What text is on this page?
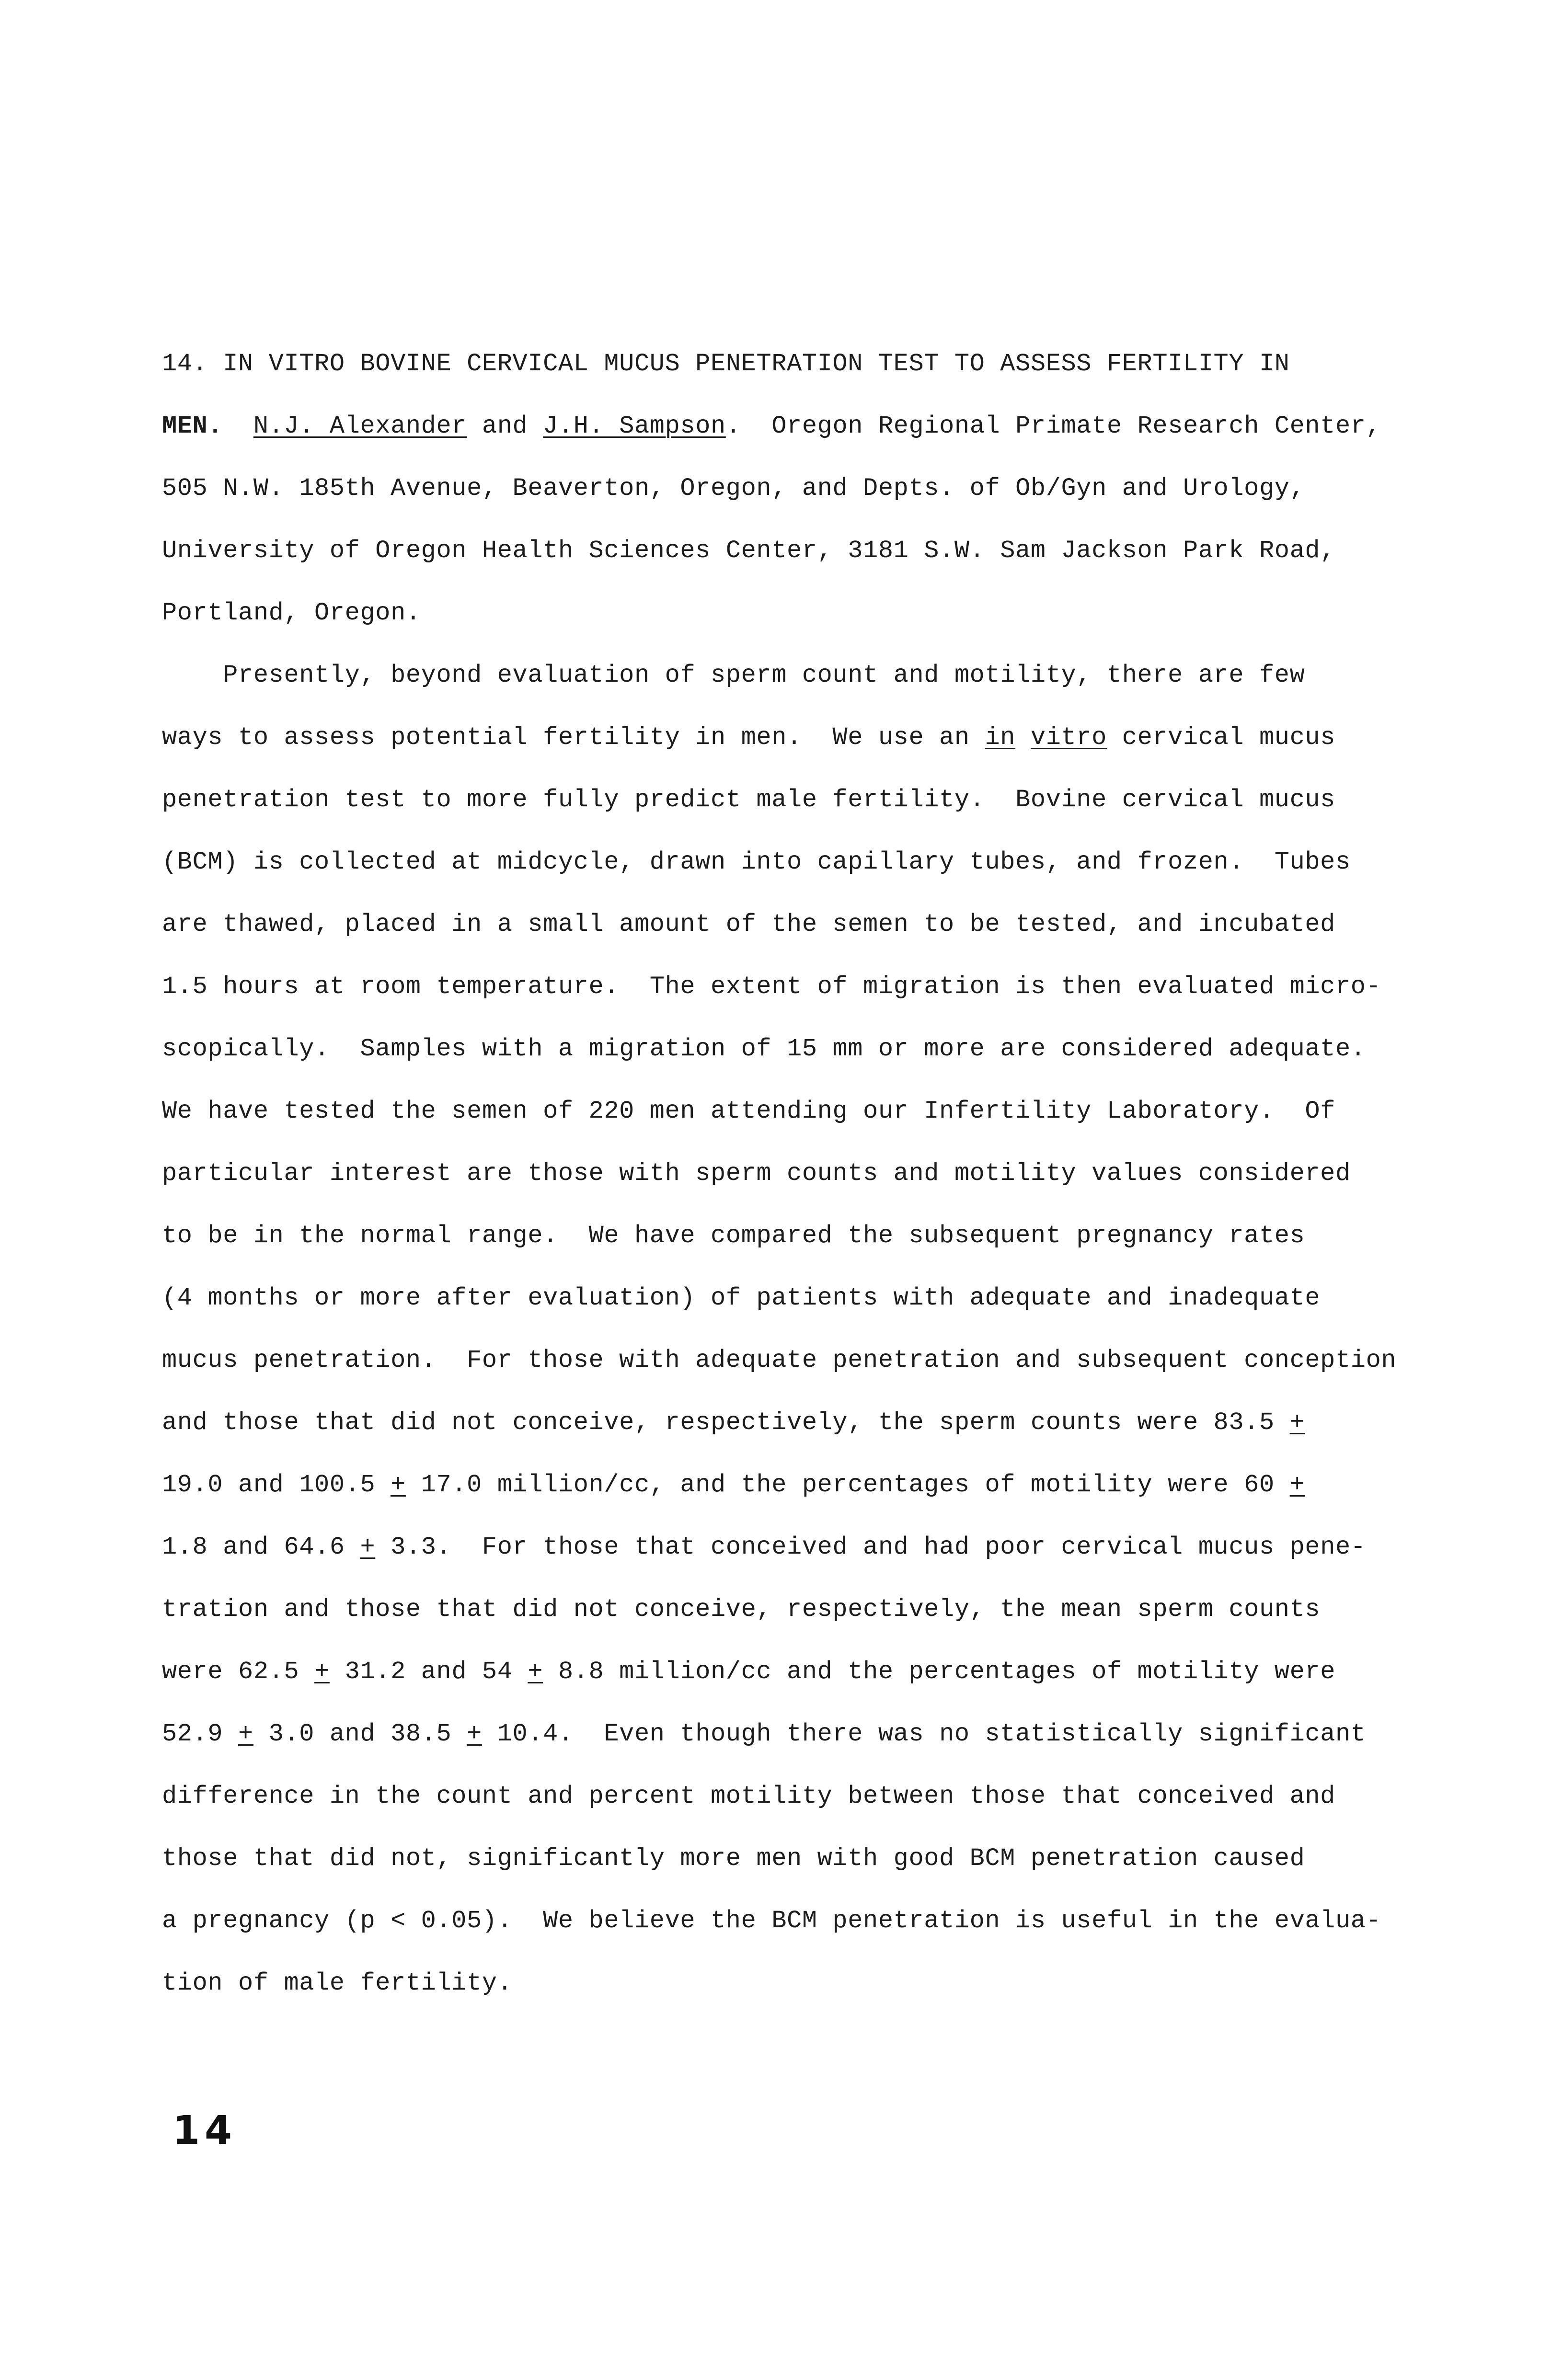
14. IN VITRO BOVINE CERVICAL MUCUS PENETRATION TEST TO ASSESS FERTILITY IN
MEN. N.J. Alexander and J.H. Sampson.  Oregon Regional Primate Research Center,
505 N.W. 185th Avenue, Beaverton, Oregon, and Depts. of Ob/Gyn and Urology,
University of Oregon Health Sciences Center, 3181 S.W. Sam Jackson Park Road,
Portland, Oregon.
Presently, beyond evaluation of sperm count and motility, there are few
ways to assess potential fertility in men.  We use an in vitro cervical mucus
penetration test to more fully predict male fertility.  Bovine cervical mucus
(BCM) is collected at midcycle, drawn into capillary tubes, and frozen.  Tubes
are thawed, placed in a small amount of the semen to be tested, and incubated
1.5 hours at room temperature.  The extent of migration is then evaluated micro-
scopically.  Samples with a migration of 15 mm or more are considered adequate.
We have tested the semen of 220 men attending our Infertility Laboratory.  Of
particular interest are those with sperm counts and motility values considered
to be in the normal range.  We have compared the subsequent pregnancy rates
(4 months or more after evaluation) of patients with adequate and inadequate
mucus penetration.  For those with adequate penetration and subsequent conception
and those that did not conceive, respectively, the sperm counts were 83.5 +
19.0 and 100.5 + 17.0 million/cc, and the percentages of motility were 60 +
1.8 and 64.6 + 3.3.  For those that conceived and had poor cervical mucus pene-
tration and those that did not conceive, respectively, the mean sperm counts
were 62.5 + 31.2 and 54 + 8.8 million/cc and the percentages of motility were
52.9 + 3.0 and 38.5 + 10.4.  Even though there was no statistically significant
difference in the count and percent motility between those that conceived and
those that did not, significantly more men with good BCM penetration caused
a pregnancy (p < 0.05).  We believe the BCM penetration is useful in the evalua-
tion of male fertility.
14
